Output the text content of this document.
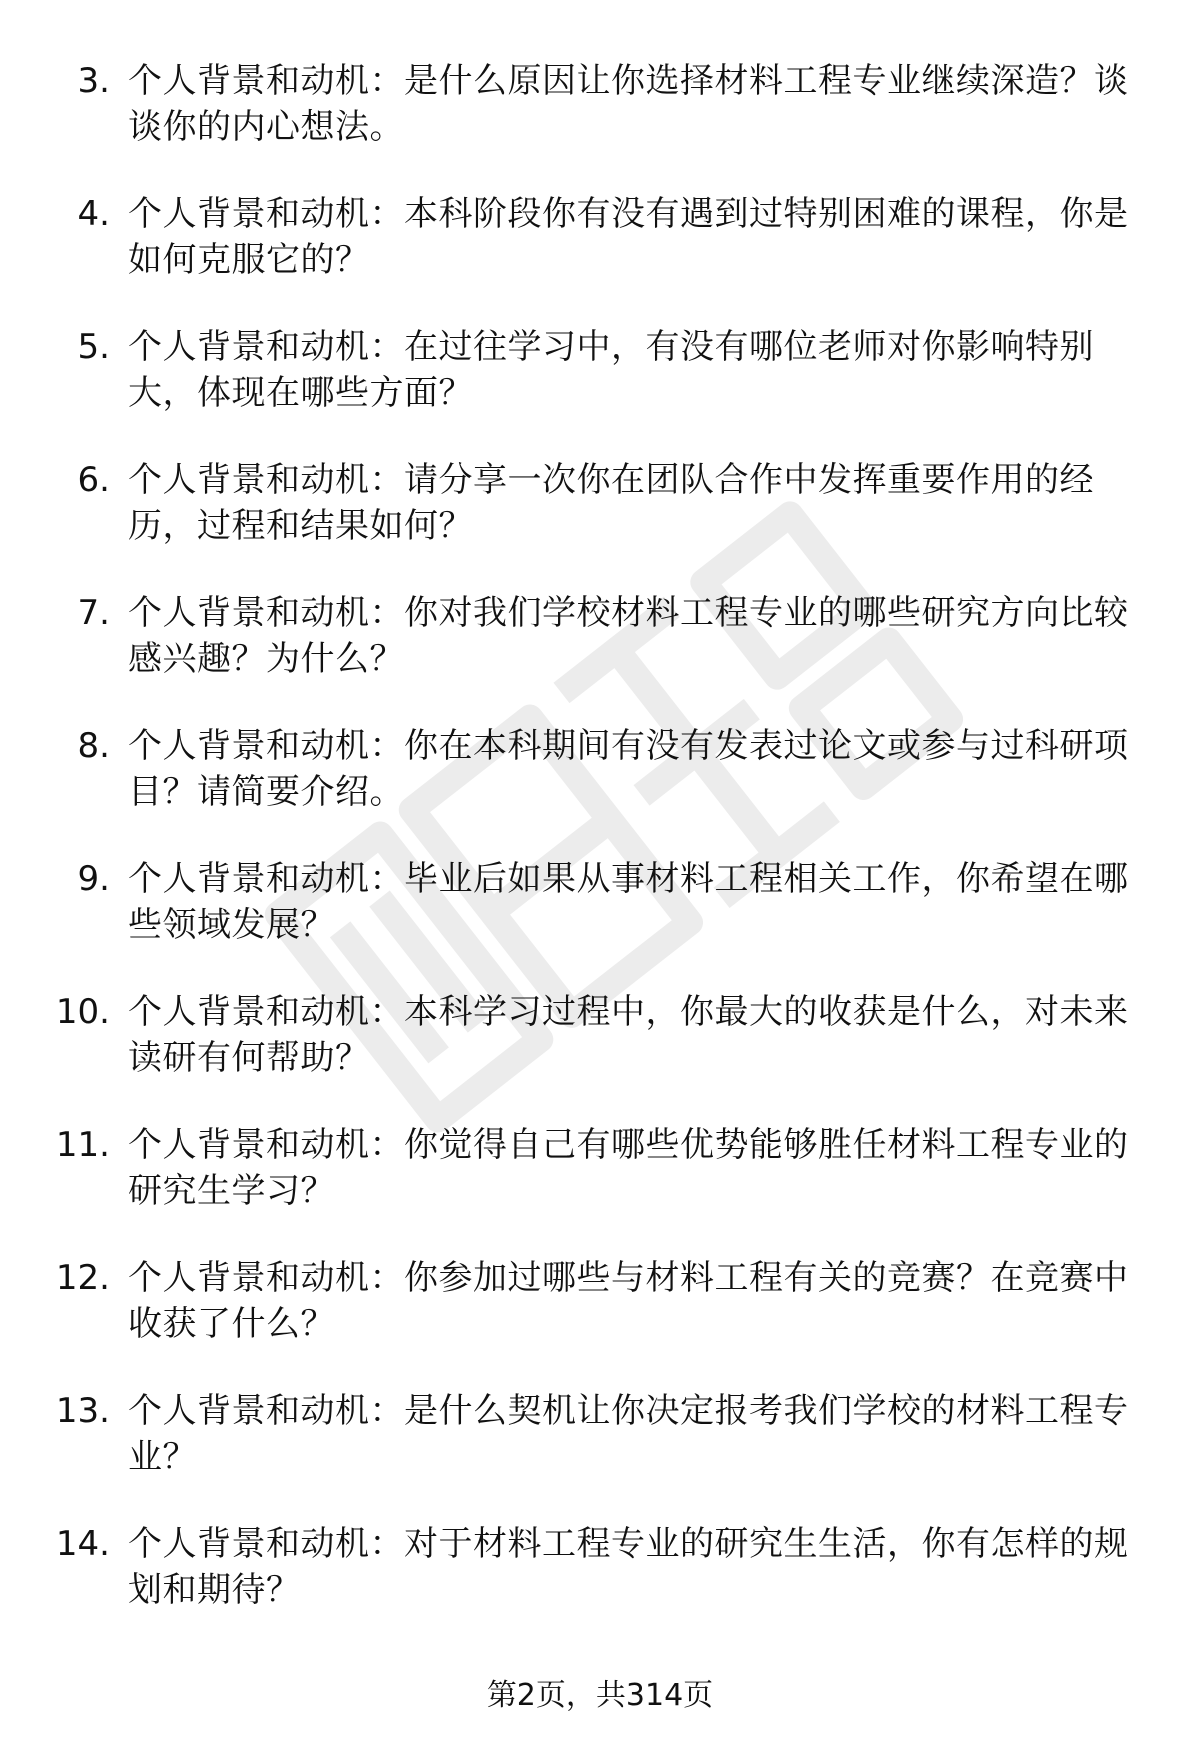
3. 个人背景和动机：是什么原因让你选择材料工程专业继续深造？谈谈你的内心想法。
4. 个人背景和动机：本科阶段你有没有遇到过特别困难的课程，你是如何克服它的？
5. 个人背景和动机：在过往学习中，有没有哪位老师对你影响特别大，体现在哪些方面？
6. 个人背景和动机：请分享一次你在团队合作中发挥重要作用的经历，过程和结果如何？
7. 个人背景和动机：你对我们学校材料工程专业的哪些研究方向比较感兴趣？为什么？
8. 个人背景和动机：你在本科期间有没有发表过论文或参与过科研项目？请简要介绍。
9. 个人背景和动机：毕业后如果从事材料工程相关工作，你希望在哪些领域发展？
10. 个人背景和动机：本科学习过程中，你最大的收获是什么，对未来读研有何帮助？
11. 个人背景和动机：你觉得自己有哪些优势能够胜任材料工程专业的研究生学习？
12. 个人背景和动机：你参加过哪些与材料工程有关的竞赛？在竞赛中收获了什么？
13. 个人背景和动机：是什么契机让你决定报考我们学校的材料工程专业？
14. 个人背景和动机：对于材料工程专业的研究生生活，你有怎样的规划和期待？
第2页，共314页
